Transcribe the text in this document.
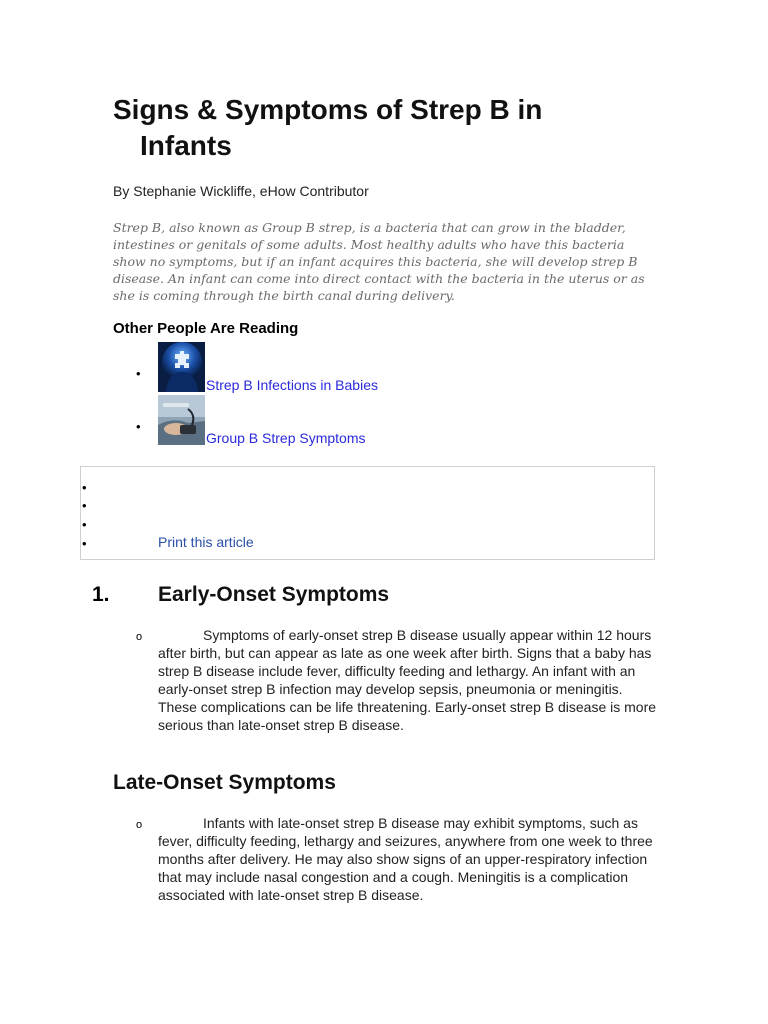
Signs & Symptoms of Strep B in
Infants
By Stephanie Wickliffe, eHow Contributor
Strep B, also known as Group B strep, is a bacteria that can grow in the bladder, intestines or genitals of some adults. Most healthy adults who have this bacteria show no symptoms, but if an infant acquires this bacteria, she will develop strep B disease. An infant can come into direct contact with the bacteria in the uterus or as she is coming through the birth canal during delivery.
Other People Are Reading
•
Strep B Infections in Babies
•
Group B Strep Symptoms
•
•
•
•	Print this article
1. Early-Onset Symptoms
o	Symptoms of early-onset strep B disease usually appear within 12 hours after birth, but can appear as late as one week after birth. Signs that a baby has strep B disease include fever, difficulty feeding and lethargy. An infant with an early-onset strep B infection may develop sepsis, pneumonia or meningitis. These complications can be life threatening. Early-onset strep B disease is more serious than late-onset strep B disease.
Late-Onset Symptoms
o	Infants with late-onset strep B disease may exhibit symptoms, such as fever, difficulty feeding, lethargy and seizures, anywhere from one week to three months after delivery. He may also show signs of an upper-respiratory infection that may include nasal congestion and a cough. Meningitis is a complication associated with late-onset strep B disease.
